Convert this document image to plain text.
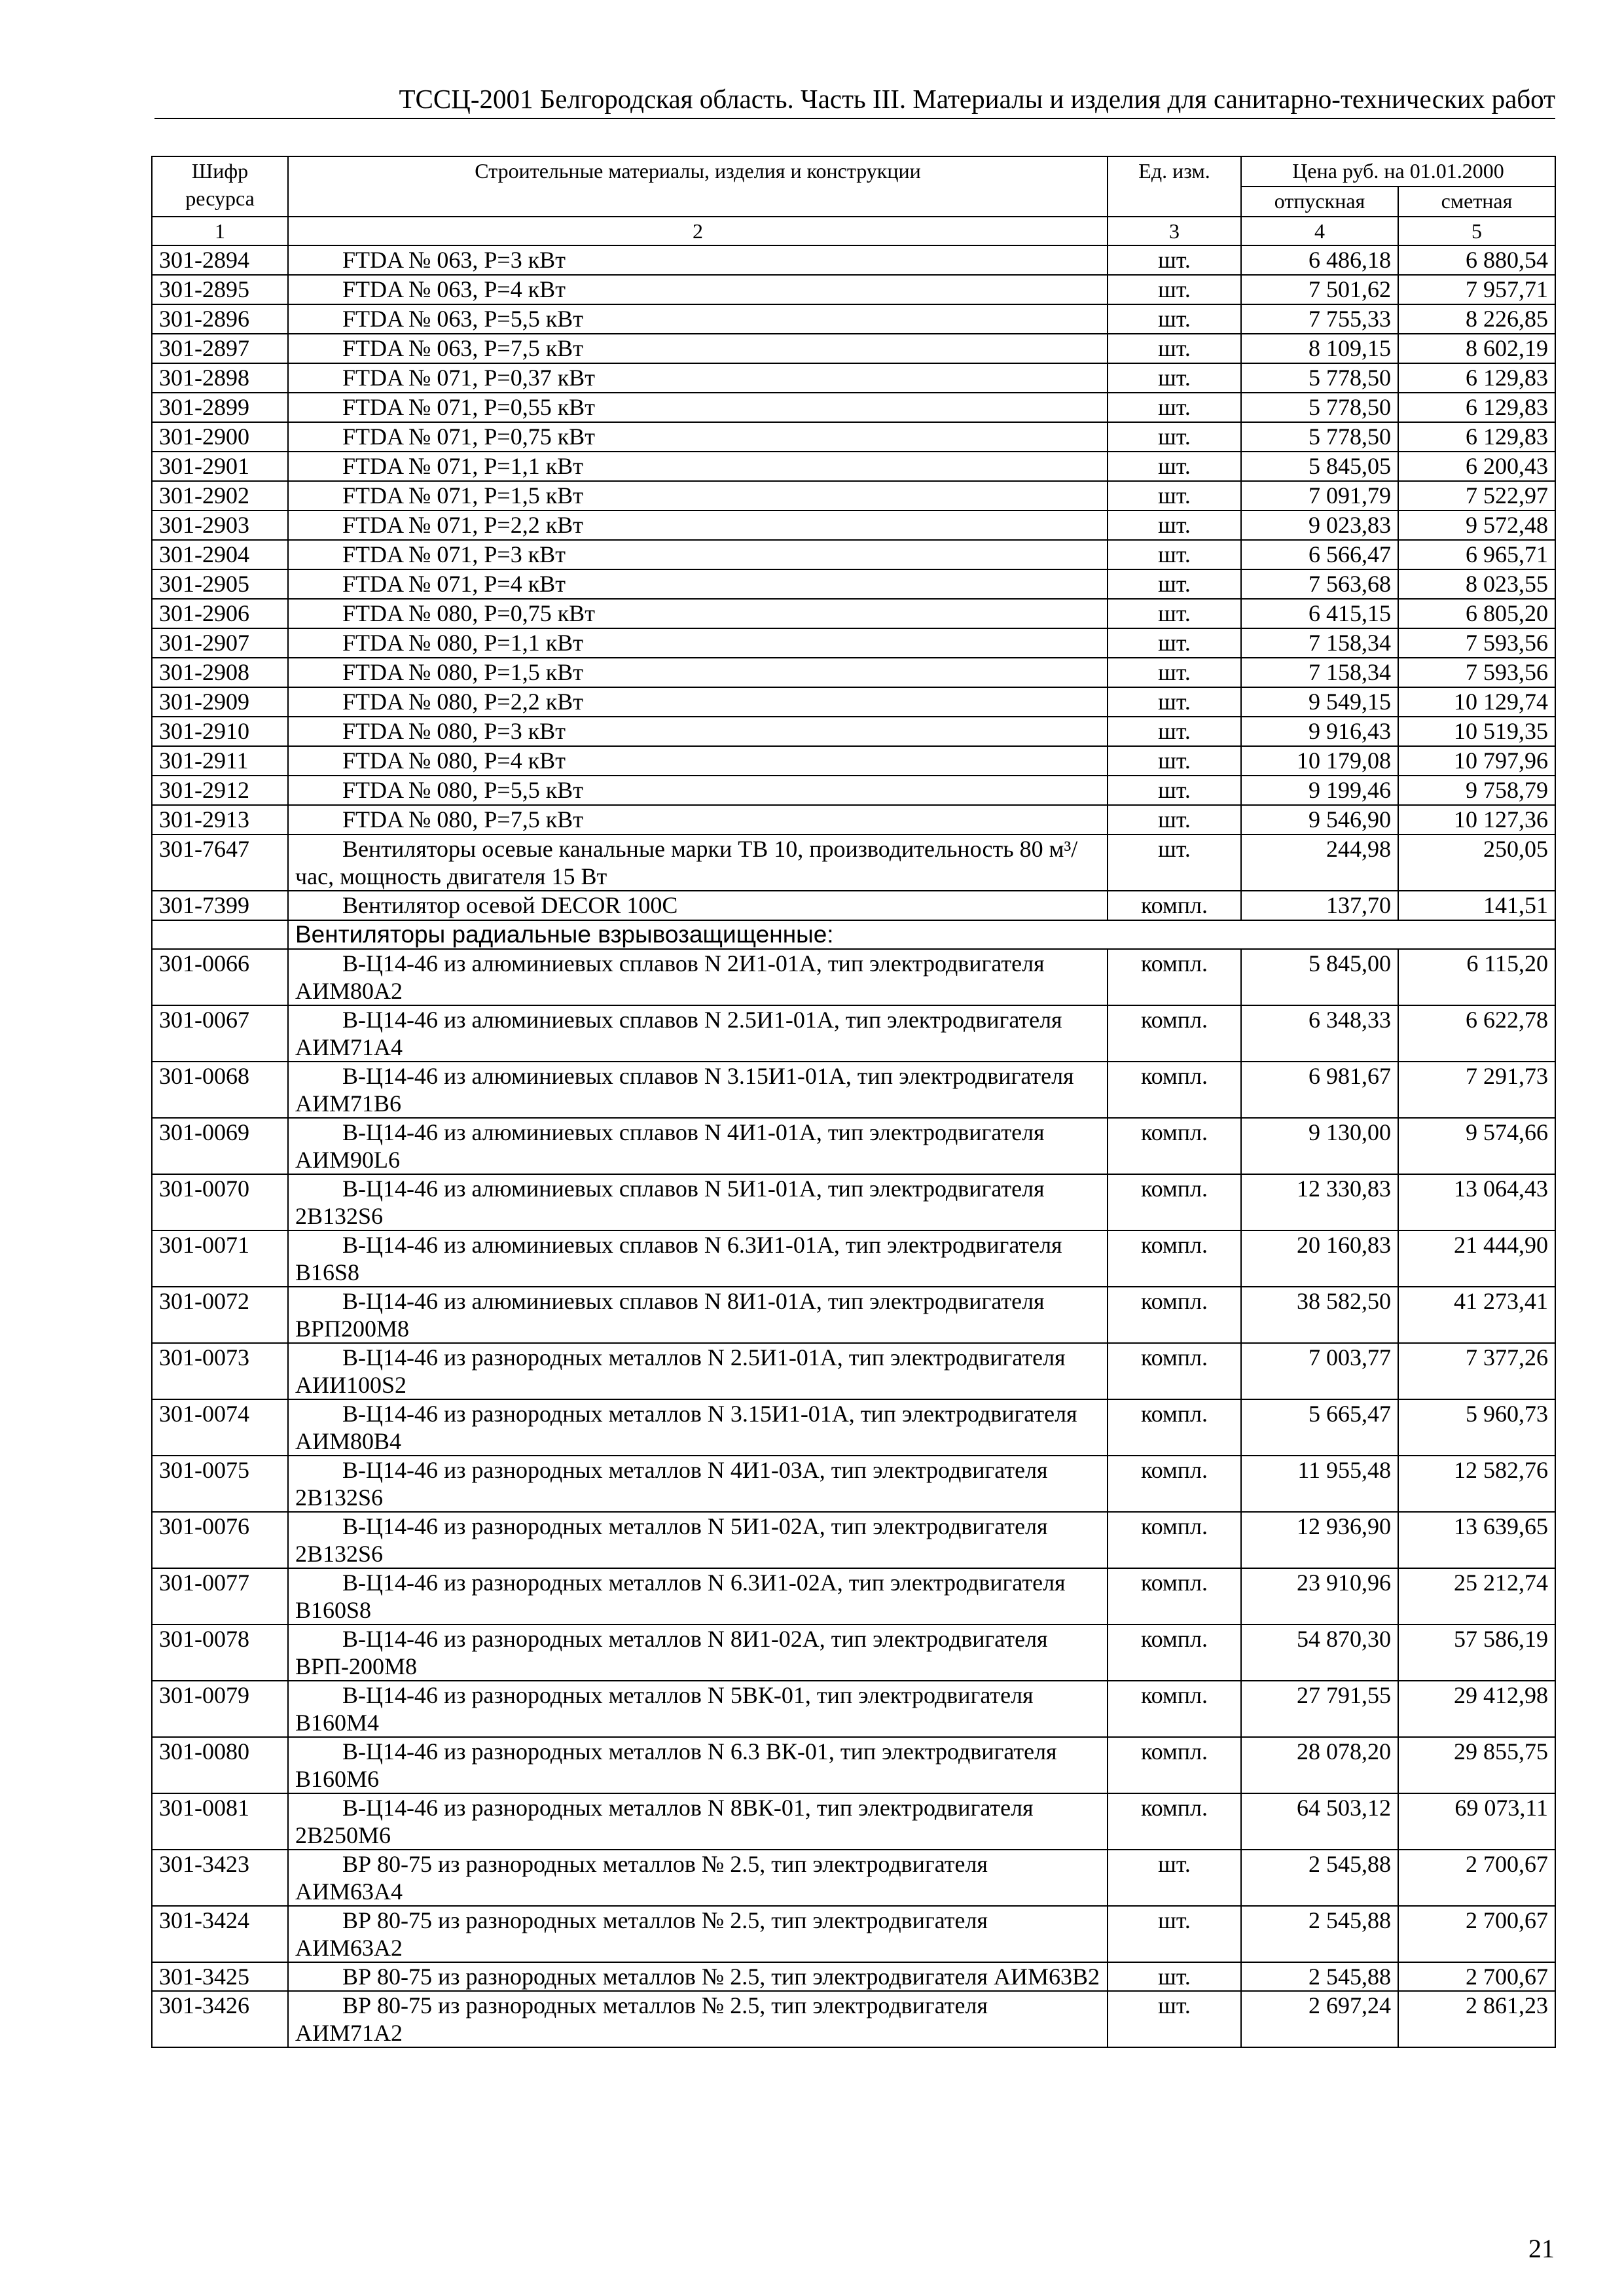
ТССЦ-2001 Белгородская область. Часть III. Материалы и изделия для санитарно-технических работ
Шифр ресурса	Строительные материалы, изделия и конструкции	Ед. изм.	Цена руб. на 01.01.2000	
			отпускная	сметная
1	2	3	4	5
301-2894	FTDA № 063, Р=3 кВт	шт.	6 486,18	6 880,54
301-2895	FTDA № 063, Р=4 кВт	шт.	7 501,62	7 957,71
301-2896	FTDA № 063, Р=5,5 кВт	шт.	7 755,33	8 226,85
301-2897	FTDA № 063, Р=7,5 кВт	шт.	8 109,15	8 602,19
301-2898	FTDA № 071, Р=0,37 кВт	шт.	5 778,50	6 129,83
301-2899	FTDA № 071, Р=0,55 кВт	шт.	5 778,50	6 129,83
301-2900	FTDA № 071, Р=0,75 кВт	шт.	5 778,50	6 129,83
301-2901	FTDA № 071, Р=1,1 кВт	шт.	5 845,05	6 200,43
301-2902	FTDA № 071, Р=1,5 кВт	шт.	7 091,79	7 522,97
301-2903	FTDA № 071, Р=2,2 кВт	шт.	9 023,83	9 572,48
301-2904	FTDA № 071, Р=3 кВт	шт.	6 566,47	6 965,71
301-2905	FTDA № 071, Р=4 кВт	шт.	7 563,68	8 023,55
301-2906	FTDA № 080, Р=0,75 кВт	шт.	6 415,15	6 805,20
301-2907	FTDA № 080, Р=1,1 кВт	шт.	7 158,34	7 593,56
301-2908	FTDA № 080, Р=1,5 кВт	шт.	7 158,34	7 593,56
301-2909	FTDA № 080, Р=2,2 кВт	шт.	9 549,15	10 129,74
301-2910	FTDA № 080, Р=3 кВт	шт.	9 916,43	10 519,35
301-2911	FTDA № 080, Р=4 кВт	шт.	10 179,08	10 797,96
301-2912	FTDA № 080, Р=5,5 кВт	шт.	9 199,46	9 758,79
301-2913	FTDA № 080, Р=7,5 кВт	шт.	9 546,90	10 127,36
301-7647	Вентиляторы осевые канальные марки ТВ 10, производительность 80 м³/час, мощность двигателя 15 Вт	шт.	244,98	250,05
301-7399	Вентилятор осевой DECOR 100C	компл.	137,70	141,51
	Вентиляторы радиальные взрывозащищенные:			
301-0066	В-Ц14-46 из алюминиевых сплавов N 2И1-01А, тип электродвигателя АИМ80А2	компл.	5 845,00	6 115,20
301-0067	В-Ц14-46 из алюминиевых сплавов N 2.5И1-01А, тип электродвигателя АИМ71А4	компл.	6 348,33	6 622,78
301-0068	В-Ц14-46 из алюминиевых сплавов N 3.15И1-01А, тип электродвигателя АИМ71В6	компл.	6 981,67	7 291,73
301-0069	В-Ц14-46 из алюминиевых сплавов N 4И1-01А, тип электродвигателя АИМ90L6	компл.	9 130,00	9 574,66
301-0070	В-Ц14-46 из алюминиевых сплавов N 5И1-01А, тип электродвигателя 2В132S6	компл.	12 330,83	13 064,43
301-0071	В-Ц14-46 из алюминиевых сплавов N 6.3И1-01А, тип электродвигателя В16S8	компл.	20 160,83	21 444,90
301-0072	В-Ц14-46 из алюминиевых сплавов N 8И1-01А, тип электродвигателя ВРП200М8	компл.	38 582,50	41 273,41
301-0073	В-Ц14-46 из разнородных металлов N 2.5И1-01А, тип электродвигателя АИИ100S2	компл.	7 003,77	7 377,26
301-0074	В-Ц14-46 из разнородных металлов N 3.15И1-01А, тип электродвигателя АИМ80В4	компл.	5 665,47	5 960,73
301-0075	В-Ц14-46 из разнородных металлов N 4И1-03А, тип электродвигателя 2В132S6	компл.	11 955,48	12 582,76
301-0076	В-Ц14-46 из разнородных металлов N 5И1-02А, тип электродвигателя 2В132S6	компл.	12 936,90	13 639,65
301-0077	В-Ц14-46 из разнородных металлов N 6.3И1-02А, тип электродвигателя В160S8	компл.	23 910,96	25 212,74
301-0078	В-Ц14-46 из разнородных металлов N 8И1-02А, тип электродвигателя ВРП-200М8	компл.	54 870,30	57 586,19
301-0079	В-Ц14-46 из разнородных металлов N 5ВК-01, тип электродвигателя В160М4	компл.	27 791,55	29 412,98
301-0080	В-Ц14-46 из разнородных металлов N 6.3 ВК-01, тип электродвигателя В160М6	компл.	28 078,20	29 855,75
301-0081	В-Ц14-46 из разнородных металлов N 8ВК-01, тип электродвигателя 2В250М6	компл.	64 503,12	69 073,11
301-3423	ВР 80-75 из разнородных металлов № 2.5, тип электродвигателя АИМ63А4	шт.	2 545,88	2 700,67
301-3424	ВР 80-75 из разнородных металлов № 2.5, тип электродвигателя АИМ63А2	шт.	2 545,88	2 700,67
301-3425	ВР 80-75 из разнородных металлов № 2.5, тип электродвигателя АИМ63В2	шт.	2 545,88	2 700,67
301-3426	ВР 80-75 из разнородных металлов № 2.5, тип электродвигателя АИМ71А2	шт.	2 697,24	2 861,23
21
